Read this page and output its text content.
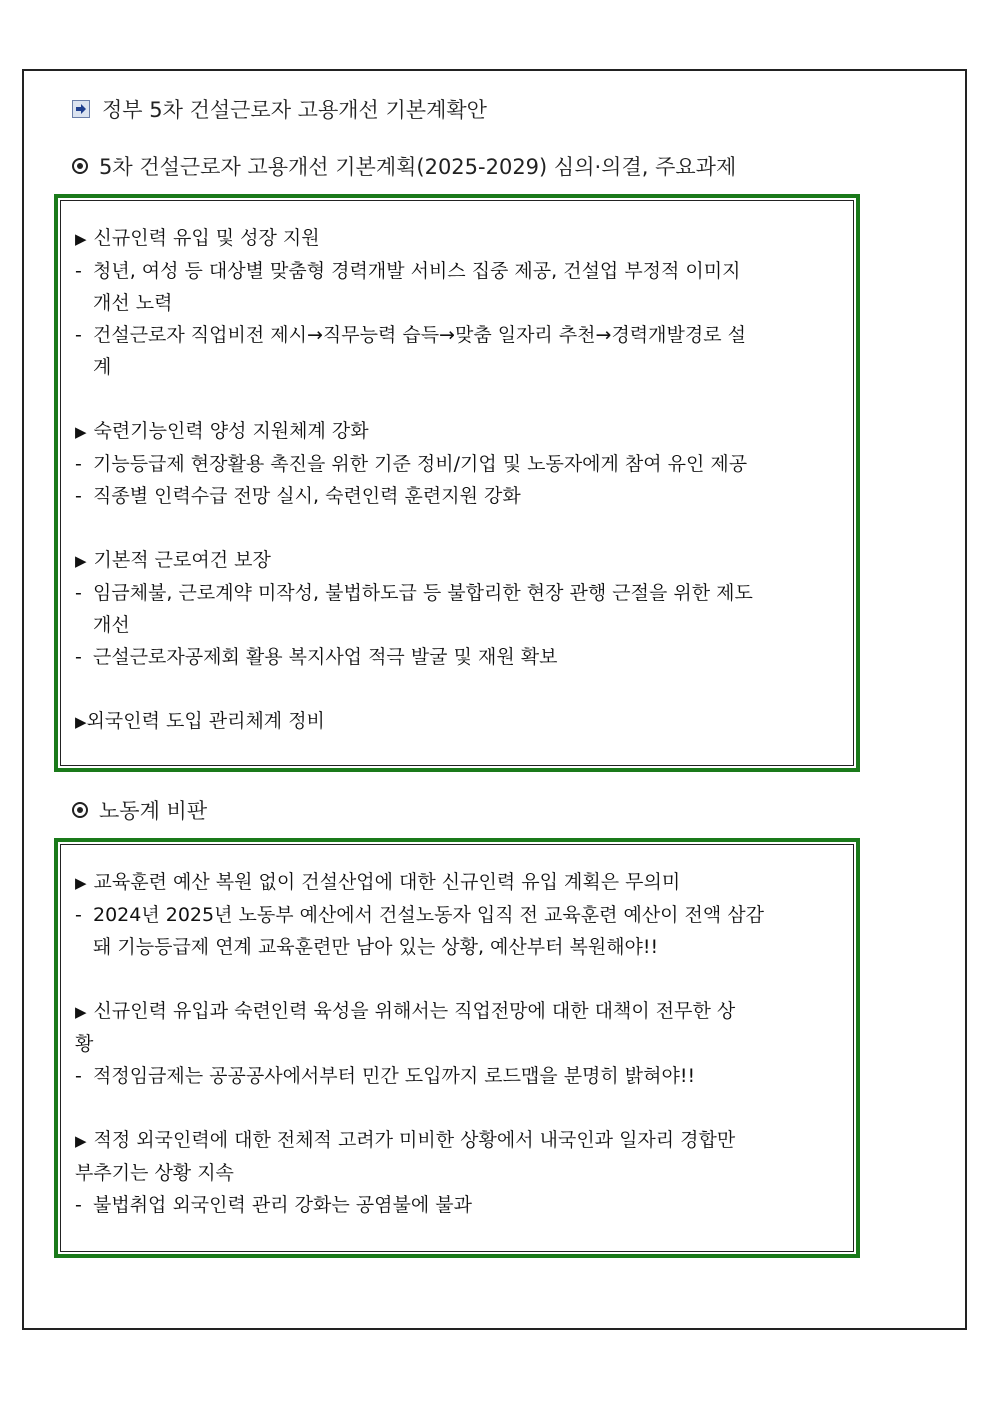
정부 5차 건설근로자 고용개선 기본계확안
5차 건설근로자 고용개선 기본계획(2025-2029) 심의·의결, 주요과제
▶ 신규인력 유입 및 성장 지원
- 청년, 여성 등 대상별 맞춤형 경력개발 서비스 집중 제공, 건설업 부정적 이미지
개선 노력
- 건설근로자 직업비전 제시→직무능력 습득→맞춤 일자리 추천→경력개발경로 설
계
▶ 숙련기능인력 양성 지원체계 강화
- 기능등급제 현장활용 촉진을 위한 기준 정비/기업 및 노동자에게 참여 유인 제공
- 직종별 인력수급 전망 실시, 숙련인력 훈련지원 강화
▶ 기본적 근로여건 보장
- 임금체불, 근로계약 미작성, 불법하도급 등 불합리한 현장 관행 근절을 위한 제도
개선
- 근설근로자공제회 활용 복지사업 적극 발굴 및 재원 확보
▶외국인력 도입 관리체계 정비
노동계 비판
▶ 교육훈련 예산 복원 없이 건설산업에 대한 신규인력 유입 계획은 무의미
- 2024년 2025년 노동부 예산에서 건설노동자 입직 전 교육훈련 예산이 전액 삼감
돼 기능등급제 연계 교육훈련만 남아 있는 상황, 예산부터 복원해야!!
▶ 신규인력 유입과 숙련인력 육성을 위해서는 직업전망에 대한 대책이 전무한 상
황
- 적정임금제는 공공공사에서부터 민간 도입까지 로드맵을 분명히 밝혀야!!
▶ 적정 외국인력에 대한 전체적 고려가 미비한 상황에서 내국인과 일자리 경합만
부추기는 상황 지속
- 불법취업 외국인력 관리 강화는 공염불에 불과
